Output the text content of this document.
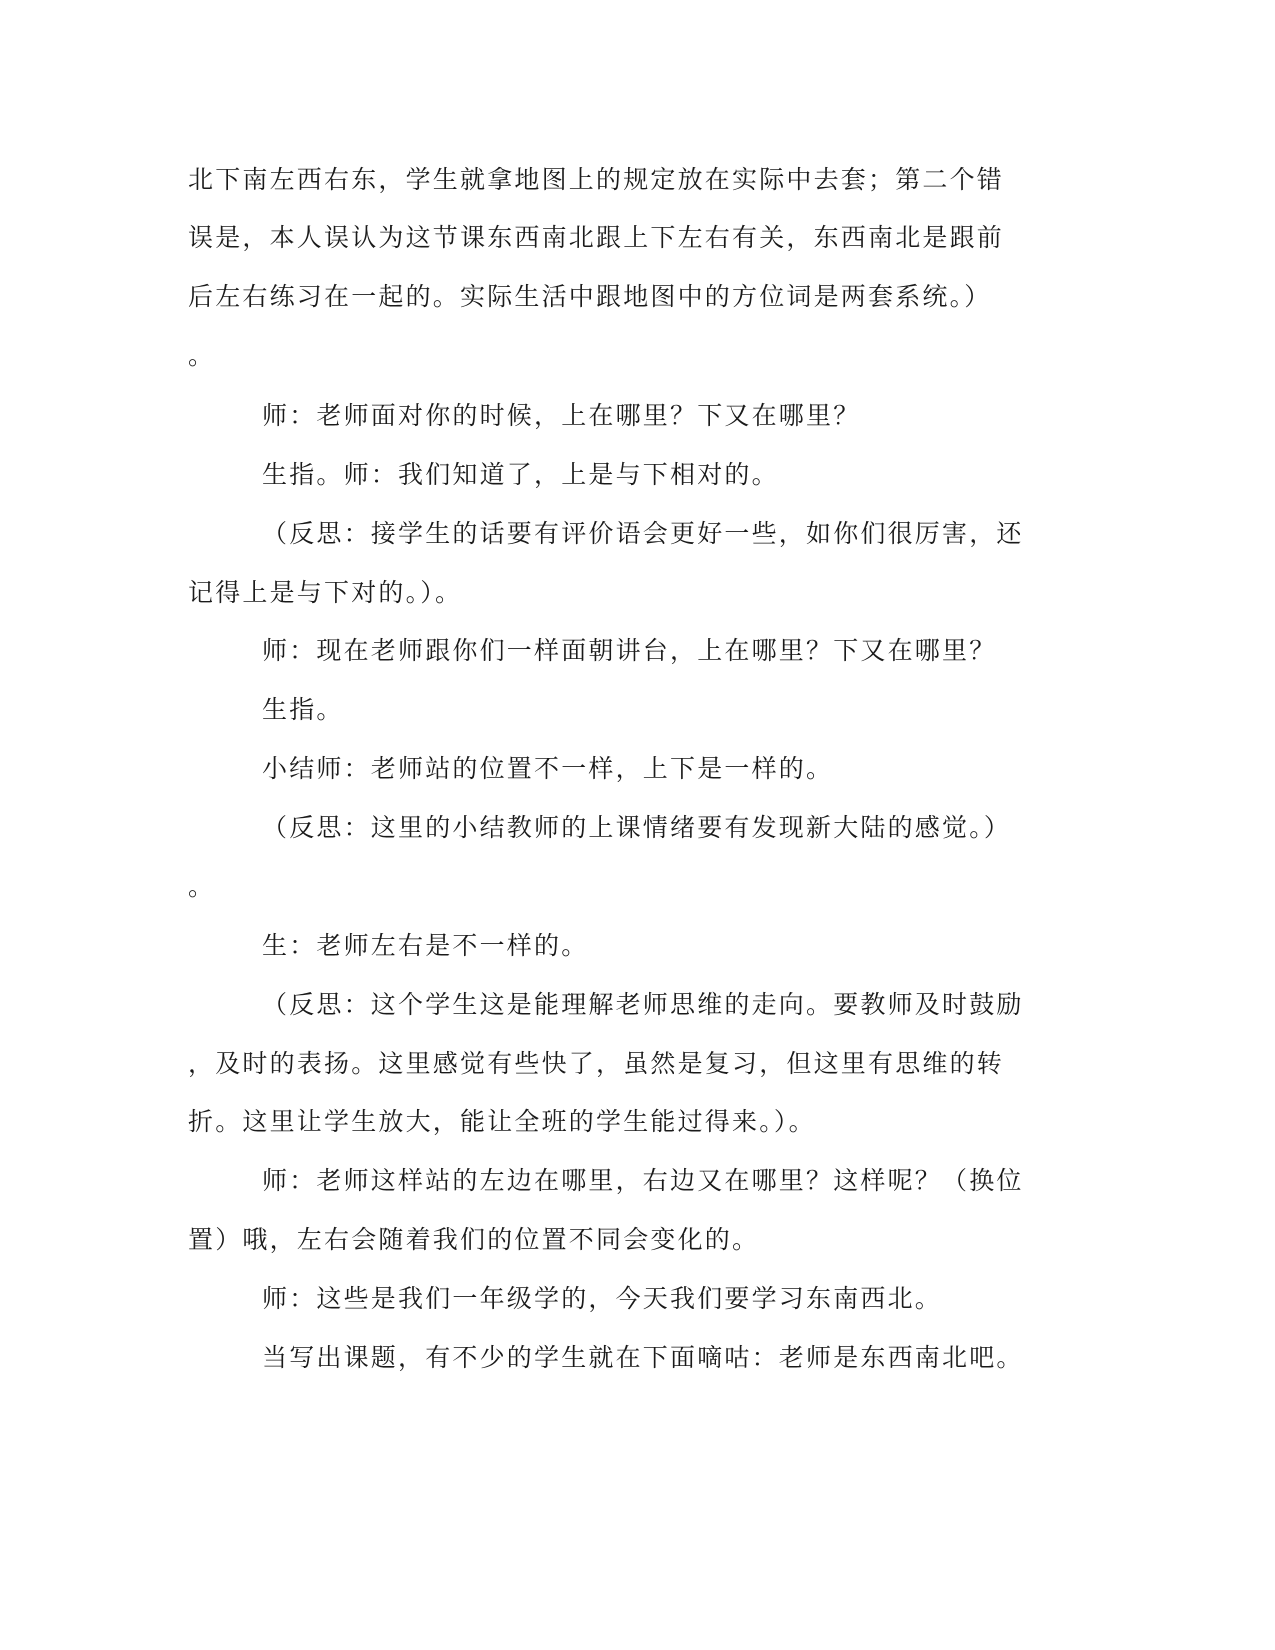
北下南左西右东，学生就拿地图上的规定放在实际中去套；第二个错
误是，本人误认为这节课东西南北跟上下左右有关，东西南北是跟前
后左右练习在一起的。实际生活中跟地图中的方位词是两套系统。）
。
师：老师面对你的时候，上在哪里？下又在哪里？
生指。师：我们知道了，上是与下相对的。
（反思：接学生的话要有评价语会更好一些，如你们很厉害，还
记得上是与下对的。）。
师：现在老师跟你们一样面朝讲台，上在哪里？下又在哪里？
生指。
小结师：老师站的位置不一样，上下是一样的。
（反思：这里的小结教师的上课情绪要有发现新大陆的感觉。）
。
生：老师左右是不一样的。
（反思：这个学生这是能理解老师思维的走向。要教师及时鼓励
，及时的表扬。这里感觉有些快了，虽然是复习，但这里有思维的转
折。这里让学生放大，能让全班的学生能过得来。）。
师：老师这样站的左边在哪里，右边又在哪里？这样呢？（换位
置）哦，左右会随着我们的位置不同会变化的。
师：这些是我们一年级学的，今天我们要学习东南西北。
当写出课题，有不少的学生就在下面嘀咕：老师是东西南北吧。
